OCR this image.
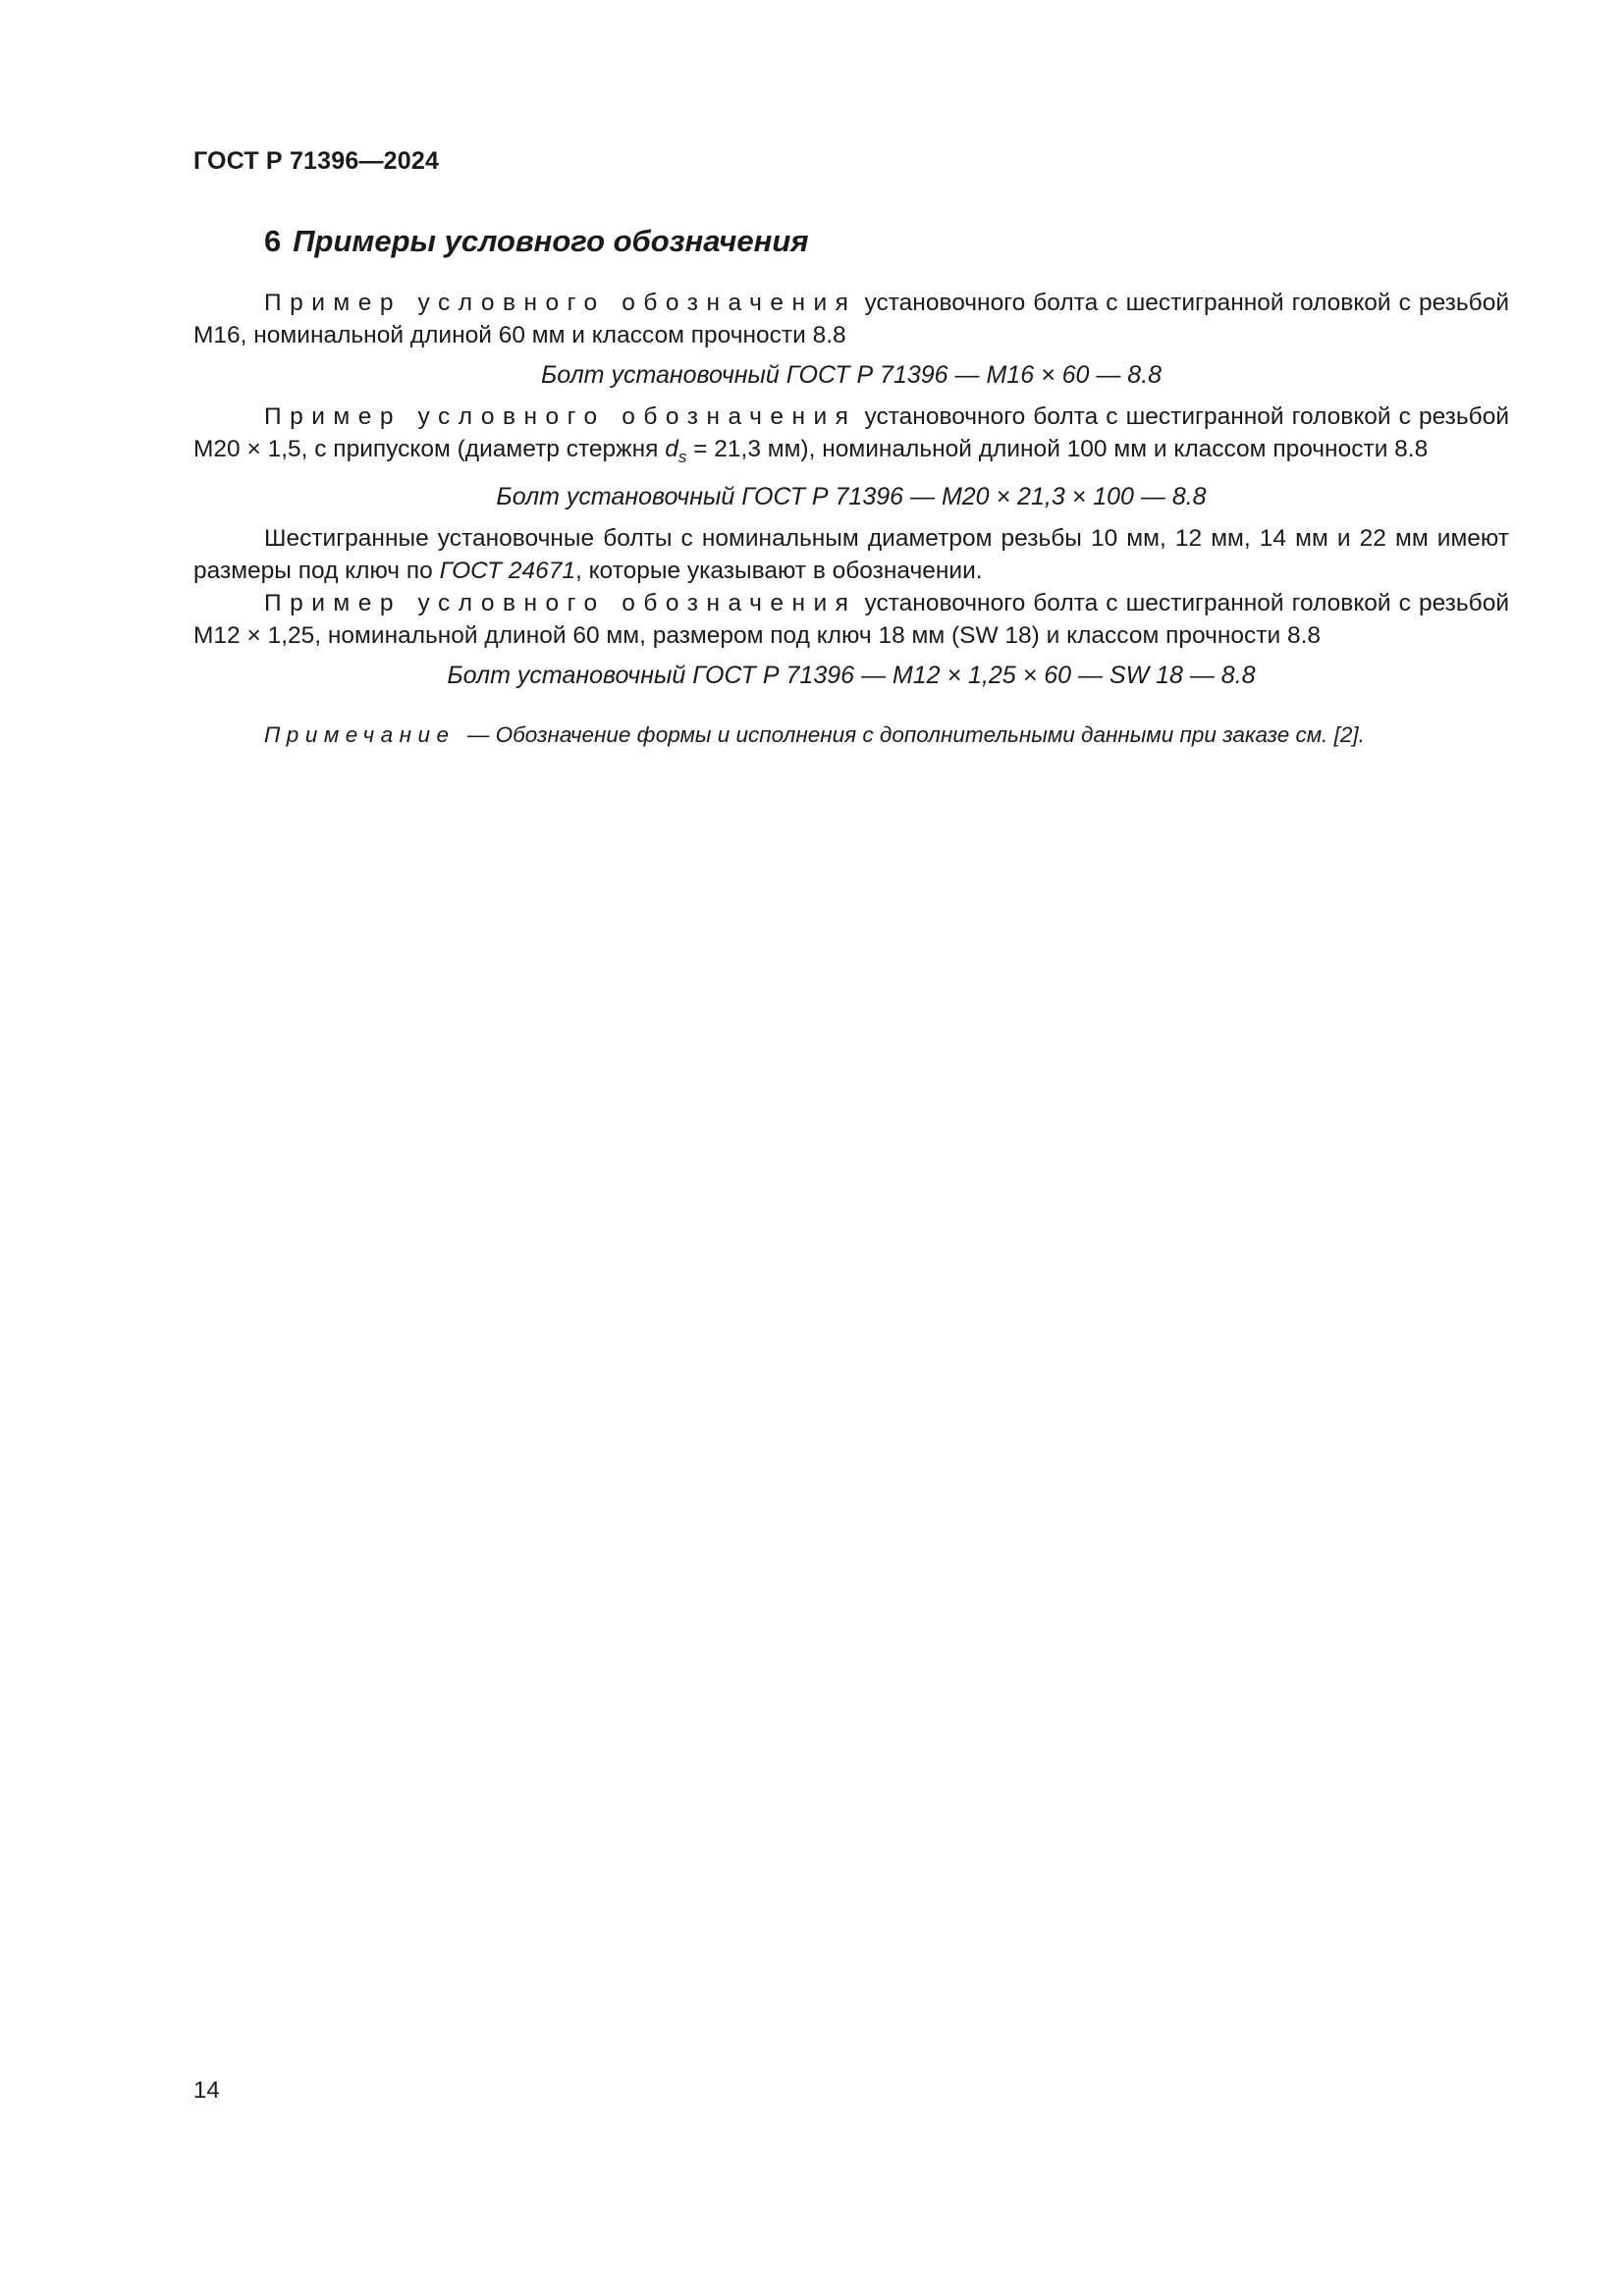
ГОСТ Р 71396—2024

6 Примеры условного обозначения

Пример условного обозначения установочного болта с шестигранной головкой с резьбой М16, номинальной длиной 60 мм и классом прочности 8.8

Болт установочный ГОСТ Р 71396 — М16 × 60 — 8.8

Пример условного обозначения установочного болта с шестигранной головкой с резьбой М20 × 1,5, с припуском (диаметр стержня $d_s = 21,3$ мм), номинальной длиной 100 мм и классом прочности 8.8

Болт установочный ГОСТ Р 71396 — М20 × 21,3 × 100 — 8.8

Шестигранные установочные болты с номинальным диаметром резьбы 10 мм, 12 мм, 14 мм и 22 мм имеют размеры под ключ по ГОСТ 24671, которые указывают в обозначении.

Пример условного обозначения установочного болта с шестигранной головкой с резьбой М12 × 1,25, номинальной длиной 60 мм, размером под ключ 18 мм (SW 18) и классом прочности 8.8

Болт установочный ГОСТ Р 71396 — М12 × 1,25 × 60 — SW 18 — 8.8

Примечание — Обозначение формы и исполнения с дополнительными данными при заказе см. [2].

14
